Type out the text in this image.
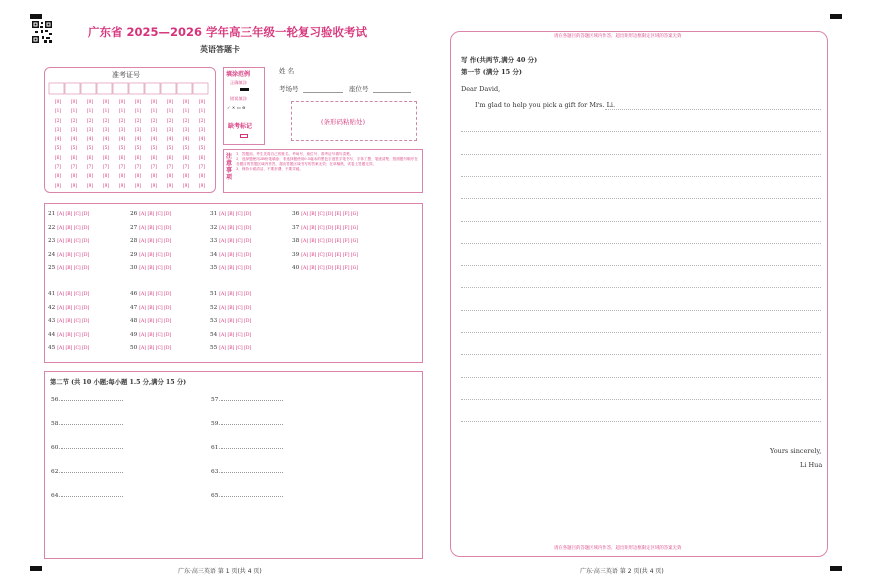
广东省 2025—2026 学年高三年级一轮复习验收考试
英语答题卡
准考证号
[0]
[1]
[2]
[3]
[4]
[5]
[6]
[7]
[8]
[9]
[0]
[1]
[2]
[3]
[4]
[5]
[6]
[7]
[8]
[9]
[0]
[1]
[2]
[3]
[4]
[5]
[6]
[7]
[8]
[9]
[0]
[1]
[2]
[3]
[4]
[5]
[6]
[7]
[8]
[9]
[0]
[1]
[2]
[3]
[4]
[5]
[6]
[7]
[8]
[9]
[0]
[1]
[2]
[3]
[4]
[5]
[6]
[7]
[8]
[9]
[0]
[1]
[2]
[3]
[4]
[5]
[6]
[7]
[8]
[9]
[0]
[1]
[2]
[3]
[4]
[5]
[6]
[7]
[8]
[9]
[0]
[1]
[2]
[3]
[4]
[5]
[6]
[7]
[8]
[9]
[0]
[1]
[2]
[3]
[4]
[5]
[6]
[7]
[8]
[9]
填涂范例
正确填涂
错误填涂
✓ ✕ ▭ ⊖
缺考标记
姓 名
考场号	座位号
(条形码粘贴处)
注意事项
1．答题前，考生先将自己的姓名、考场号、座位号、准考证号填写清楚。
2．选择题使用2B铅笔填涂；非选择题使用0.5毫米的黑色字迹签字笔书写，字体工整、笔迹清楚；按照题号顺序在各题目的答题区域内作答，超出答题区域书写的答案无效；在草稿纸、试卷上答题无效。
3．保持卡面清洁，不要折叠、不要弄破。
21 [A] [B] [C] [D]
22 [A] [B] [C] [D]
23 [A] [B] [C] [D]
24 [A] [B] [C] [D]
25 [A] [B] [C] [D]
26 [A] [B] [C] [D]
27 [A] [B] [C] [D]
28 [A] [B] [C] [D]
29 [A] [B] [C] [D]
30 [A] [B] [C] [D]
31 [A] [B] [C] [D]
32 [A] [B] [C] [D]
33 [A] [B] [C] [D]
34 [A] [B] [C] [D]
35 [A] [B] [C] [D]
36 [A] [B] [C] [D] [E] [F] [G]
37 [A] [B] [C] [D] [E] [F] [G]
38 [A] [B] [C] [D] [E] [F] [G]
39 [A] [B] [C] [D] [E] [F] [G]
40 [A] [B] [C] [D] [E] [F] [G]
41 [A] [B] [C] [D]
42 [A] [B] [C] [D]
43 [A] [B] [C] [D]
44 [A] [B] [C] [D]
45 [A] [B] [C] [D]
46 [A] [B] [C] [D]
47 [A] [B] [C] [D]
48 [A] [B] [C] [D]
49 [A] [B] [C] [D]
50 [A] [B] [C] [D]
51 [A] [B] [C] [D]
52 [A] [B] [C] [D]
53 [A] [B] [C] [D]
54 [A] [B] [C] [D]
55 [A] [B] [C] [D]
第二节 (共 10 小题;每小题 1.5 分,满分 15 分)
56.
58.
60.
62.
64.
57.
59.
61.
63.
65.
请在各题目的答题区域内作答，超出矩形边框限定区域的答案无效
请在各题目的答题区域内作答，超出矩形边框限定区域的答案无效
写 作(共两节,满分 40 分)
第一节 (满分 15 分)
Dear David,
I'm glad to help you pick a gift for Mrs. Li.
Yours sincerely,
Li Hua
广东·高三英语 第 1 页(共 4 页)	广东·高三英语 第 2 页(共 4 页)
